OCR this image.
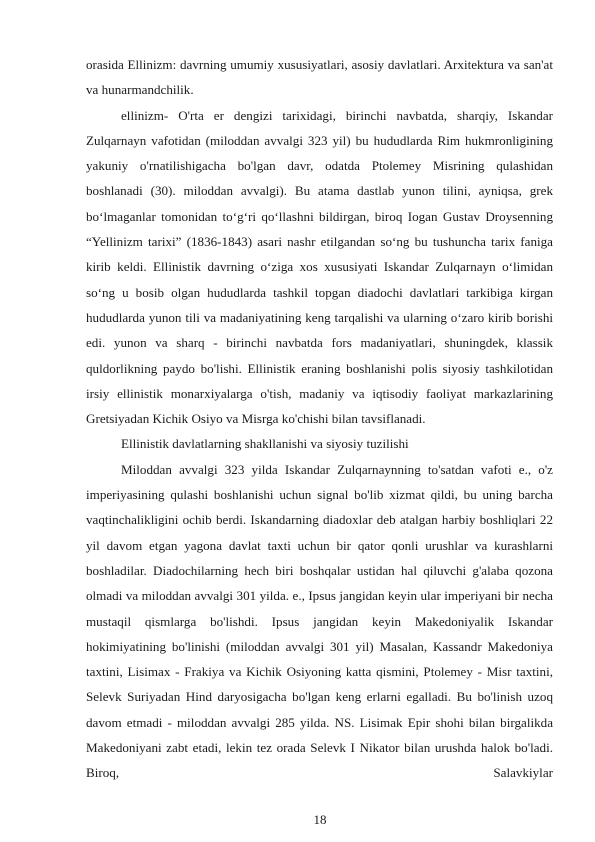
orasida Ellinizm: davrning umumiy xususiyatlari, asosiy davlatlari. Arxitektura va san'at va hunarmandchilik.

ellinizm- O'rta er dengizi tarixidagi, birinchi navbatda, sharqiy, Iskandar Zulqarnayn vafotidan (miloddan avvalgi 323 yil) bu hududlarda Rim hukmronligining yakuniy o'rnatilishigacha bo'lgan davr, odatda Ptolemey Misrining qulashidan boshlanadi (30). miloddan avvalgi). Bu atama dastlab yunon tilini, ayniqsa, grek bo‘lmaganlar tomonidan to‘g‘ri qo‘llashni bildirgan, biroq Iogan Gustav Droysenning “Yellinizm tarixi” (1836-1843) asari nashr etilgandan so‘ng bu tushuncha tarix faniga kirib keldi. Ellinistik davrning o‘ziga xos xususiyati Iskandar Zulqarnayn o‘limidan so‘ng u bosib olgan hududlarda tashkil topgan diadochi davlatlari tarkibiga kirgan hududlarda yunon tili va madaniyatining keng tarqalishi va ularning o‘zaro kirib borishi edi. yunon va sharq - birinchi navbatda fors madaniyatlari, shuningdek, klassik quldorlikning paydo bo'lishi. Ellinistik eraning boshlanishi polis siyosiy tashkilotidan irsiy ellinistik monarxiyalarga o'tish, madaniy va iqtisodiy faoliyat markazlarining Gretsiyadan Kichik Osiyo va Misrga ko'chishi bilan tavsiflanadi.

Ellinistik davlatlarning shakllanishi va siyosiy tuzilishi

Miloddan avvalgi 323 yilda Iskandar Zulqarnaynning to'satdan vafoti e., o'z imperiyasining qulashi boshlanishi uchun signal bo'lib xizmat qildi, bu uning barcha vaqtinchalikligini ochib berdi. Iskandarning diadoxlar deb atalgan harbiy boshliqlari 22 yil davom etgan yagona davlat taxti uchun bir qator qonli urushlar va kurashlarni boshladilar. Diadochilarning hech biri boshqalar ustidan hal qiluvchi g'alaba qozona olmadi va miloddan avvalgi 301 yilda. e., Ipsus jangidan keyin ular imperiyani bir necha mustaqil qismlarga bo'lishdi. Ipsus jangidan keyin Makedoniyalik Iskandar hokimiyatining bo'linishi (miloddan avvalgi 301 yil) Masalan, Kassandr Makedoniya taxtini, Lisimax - Frakiya va Kichik Osiyoning katta qismini, Ptolemey - Misr taxtini, Selevk Suriyadan Hind daryosigacha bo'lgan keng erlarni egalladi. Bu bo'linish uzoq davom etmadi - miloddan avvalgi 285 yilda. NS. Lisimak Epir shohi bilan birgalikda Makedoniyani zabt etadi, lekin tez orada Selevk I Nikator bilan urushda halok bo'ladi. Biroq, Salavkiylar

18
